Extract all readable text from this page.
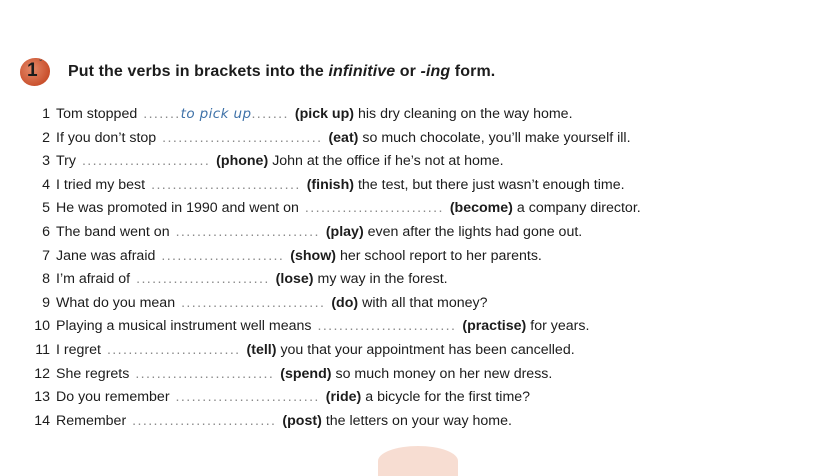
1 ˇ Put the verbs in brackets into the infinitive or -ing form.
1 Tom stopped .......to pick up....... (pick up) his dry cleaning on the way home.
2 If you don’t stop .............................. (eat) so much chocolate, you’ll make yourself ill.
3 Try ........................ (phone) John at the office if he’s not at home.
4 I tried my best ............................ (finish) the test, but there just wasn’t enough time.
5 He was promoted in 1990 and went on .......................... (become) a company director.
6 The band went on ........................... (play) even after the lights had gone out.
7 Jane was afraid ....................... (show) her school report to her parents.
8 I’m afraid of ......................... (lose) my way in the forest.
9 What do you mean ........................... (do) with all that money?
10 Playing a musical instrument well means .......................... (practise) for years.
11 I regret ......................... (tell) you that your appointment has been cancelled.
12 She regrets .......................... (spend) so much money on her new dress.
13 Do you remember ........................... (ride) a bicycle for the first time?
14 Remember ........................... (post) the letters on your way home.
